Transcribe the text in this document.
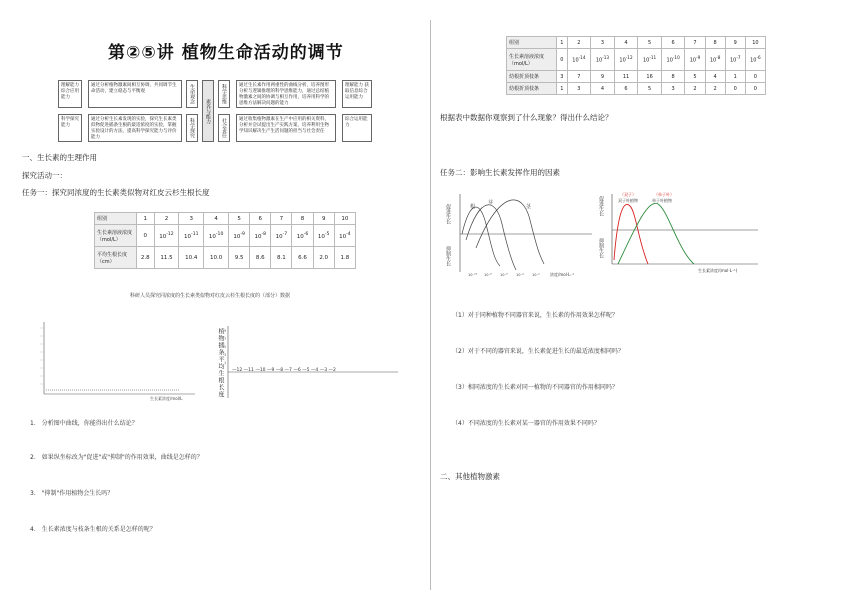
第②⑤讲 植物生命活动的调节
理解能力 综合应用能力
通过分析植物激素间相互协调，共同调节生命活动，建立稳态与平衡观
科学探究能力
通过分析生长素发现的实验，探究生长素类似物促进插条生根的最适浓度的实验，掌握实验设计的方法，提高科学探究能力与评价能力
生命观念
科学探究
素养与能力
科学思维
社会责任
通过生长素作用两重性的曲线分析，培养图形分析与逻辑推理的科学思维能力，通过总结植物激素之间的协调与相互作用，培养用科学的思维方法解决问题的能力
通过收集植物激素在生产中应用的相关资料，分析并尝试提出生产实践方案，培养利用生物学知识解决生产生活问题的担当与社会责任
理解能力 获取信息综合运用能力
综合运用能力
一、生长素的生理作用
探究活动一：
任务一：探究同浓度的生长素类似物对红皮云杉生根长度
组别	1	2	3	4	5	6	7	8	9	10
生长素溶液浓度（mol/L）	0	$10^{-12}$	$10^{-11}$	$10^{-10}$	$10^{-9}$	$10^{-8}$	$10^{-7}$	$10^{-6}$	$10^{-5}$	$10^{-4}$
平均生根长度（cm）	2.8	11.5	10.4	10.0	9.5	8.6	8.1	6.6	2.0	1.8
科研人员探究同浓度的生长素类似物对红皮云杉生根长度的（部分）数据
生长素浓度/mol/L
植物插条平均生根长度 9
7
5
3
1
—12 —11 —10 —9 —8 —7 —6 —5 —4 —3 —2
1.　分析图中曲线，你能得出什么结论？
2.　如果纵坐标改为"促进"或"抑制"的作用效果，曲线是怎样的？
3.　"抑制"作用植物会生长吗？
4.　生长素浓度与枝条生根的关系是怎样的呢？
组别	1	2	3	4	5	6	7	8	9	10
生长素溶液浓度（mol/L）	0	$10^{-14}$	$10^{-13}$	$10^{-12}$	$10^{-11}$	$10^{-10}$	$10^{-9}$	$10^{-8}$	$10^{-7}$	$10^{-6}$
幼根折顶枝条	3	7	9	11	16	8	5	4	1	0
幼根折顶枝条	1	3	4	6	5	3	2	2	0	0
根据表中数据你观察到了什么现象？得出什么结论？
任务二：影响生长素发挥作用的因素
促进生长
抑制生长
根
芽
茎
10⁻¹⁰ 10⁻⁸ 10⁻⁶ 10⁻⁴ 10⁻²	浓度/mol·L⁻¹
促进生长
抑制生长
（双子）	（单子叶）
双子叶植物	单子叶植物
生长素浓度/(mol·L⁻¹)
（1）对于同种植物不同器官来说，生长素的作用效果怎样呢？
（2）对于不同的器官来说，生长素促进生长的最适浓度相同吗？
（3）相同浓度的生长素对同一植物的不同器官的作用相同吗？
（4）不同浓度的生长素对某一器官的作用效果不同吗？
二、其他植物激素
